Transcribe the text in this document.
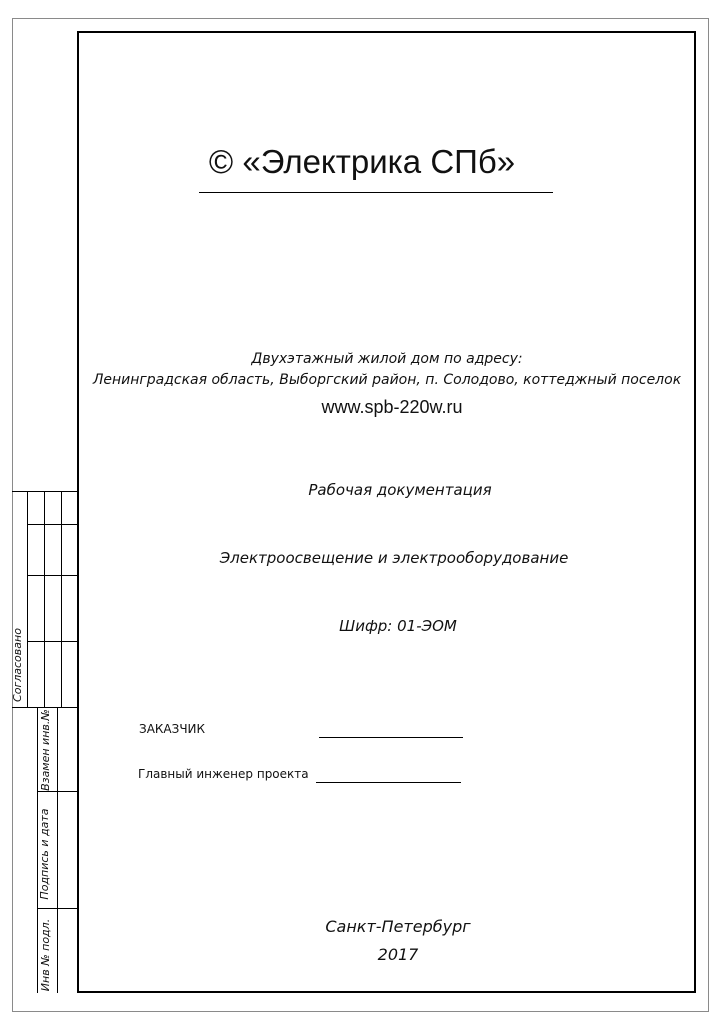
© «Электрика СПб»
Двухэтажный жилой дом по адресу:
Ленинградская область, Выборгский район, п. Солодово, коттеджный поселок
www.spb-220w.ru
Рабочая документация
Электроосвещение и электрооборудование
Шифр: 01-ЭОМ
ЗАКАЗЧИК
Главный инженер проекта
Санкт-Петербург
2017
Согласовано
Взамен инв.№
Подпись и дата
Инв № подл.
